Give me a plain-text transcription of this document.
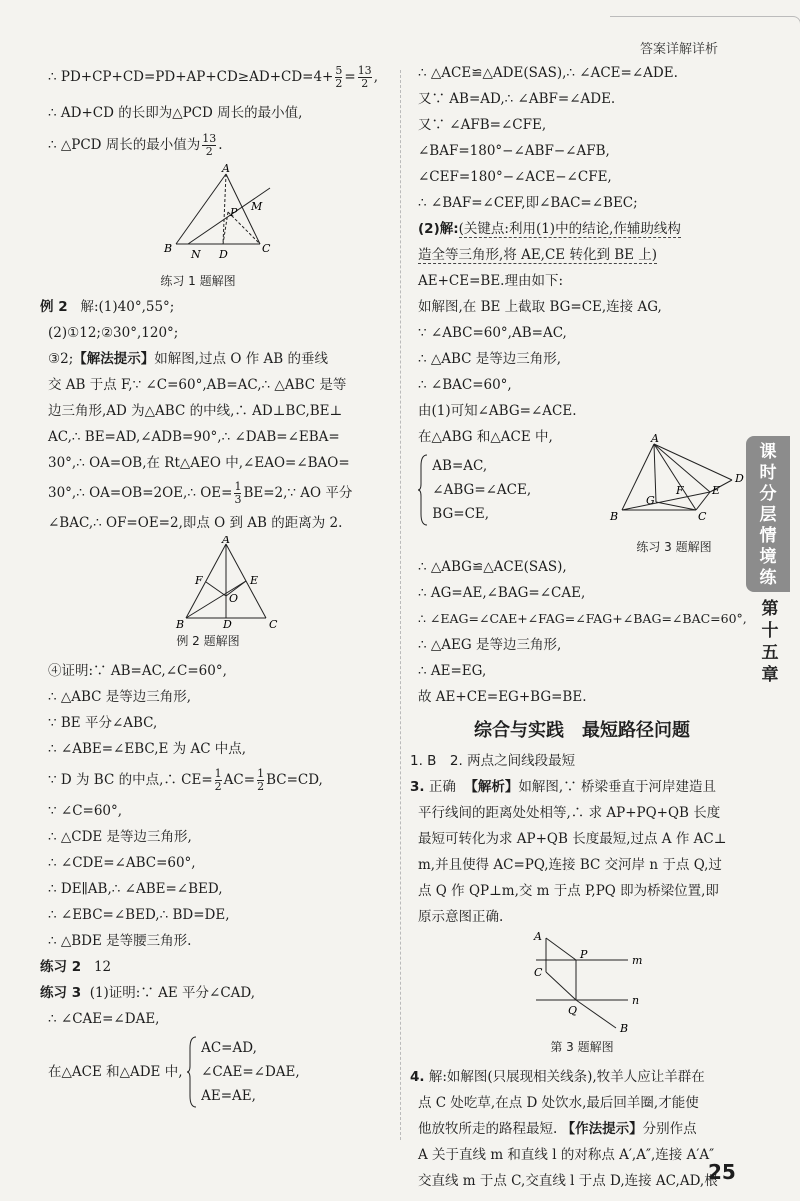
答案详解详析
课
时
分
层
情
境
练
第
十
五
章
∴ $PD+CP+CD=PD+AP+CD\ge AD+CD=4+ \frac{5}{2} = \frac{13}{2}$ ,
∴ AD+CD 的长即为△PCD 周长的最小值,
∴ △PCD 周长的最小值为 $\frac{13}{2}$ .
A
P M
B N D	C
练习 1 题解图
例 2 解:(1)40°,55°;
(2)①12;②30°,120°;
③2;【解法提示】如解图,过点 O 作 AB 的垂线
交 AB 于点 F,∵ ∠C=60°,AB=AC,∴ △ABC 是等
边三角形,AD 为△ABC 的中线,∴ AD⊥BC,BE⊥
AC,∴ BE=AD,∠ADB=90°,∴ ∠DAB=∠EBA=
30°,∴ OA=OB,在 Rt△AEO 中,∠EAO=∠BAO=
30°,∴ OA=OB=2OE,∴ $OE= \frac{1}{3}$ BE=2,∵ AO 平分
∠BAC,∴ OF=OE=2,即点 O 到 AB 的距离为 2.
A
F	E
O
B	D	C
例 2 题解图
④证明:∵ AB=AC,∠C=60°,
∴ △ABC 是等边三角形,
∵ BE 平分∠ABC,
∴ ∠ABE=∠EBC,E 为 AC 中点,
∵ D 为 BC 的中点,∴ $CE= \frac{1}{2} AC= \frac{1}{2} BC=CD$,
∵ ∠C=60°,
∴ △CDE 是等边三角形,
∴ ∠CDE=∠ABC=60°,
∴ DE∥AB,∴ ∠ABE=∠BED,
∴ ∠EBC=∠BED,∴ BD=DE,
∴ △BDE 是等腰三角形.
练习 2 12
练习 3 (1)证明:∵ AE 平分∠CAD,
∴ ∠CAE=∠DAE,
在△ACE 和△ADE 中,
AC=AD,
∠CAE=∠DAE,
AE=AE,
∴ △ACE≌△ADE(SAS),∴ ∠ACE=∠ADE.
又∵ AB=AD,∴ ∠ABF=∠ADE.
又∵ ∠AFB=∠CFE,
∠BAF=180°−∠ABF−∠AFB,
∠CEF=180°−∠ACE−∠CFE,
∴ ∠BAF=∠CEF,即∠BAC=∠BEC;
(2)解:(关键点:利用(1)中的结论,作辅助线构
造全等三角形,将 AE,CE 转化到 BE 上)
AE+CE=BE.理由如下:
如解图,在 BE 上截取 BG=CE,连接 AG,
∵ ∠ABC=60°,AB=AC,
∴ △ABC 是等边三角形,
∴ ∠BAC=60°,
由(1)可知∠ABG=∠ACE.
在△ABG 和△ACE 中,

AB=AC,
∠ABG=∠ACE,
BG=CE,
A
D
E
F
G
B	C
练习 3 题解图
∴ △ABG≌△ACE(SAS),
∴ AG=AE,∠BAG=∠CAE,
∴ ∠EAG=∠CAE+∠FAG=∠FAG+∠BAG=∠BAC=60°,
∴ △AEG 是等边三角形,
∴ AE=EG,
故 AE+CE=EG+BG=BE.
综合与实践　最短路径问题
1. B　2. 两点之间线段最短
3. 正确 【解析】如解图,∵ 桥梁垂直于河岸建造且
平行线间的距离处处相等,∴ 求 AP+PQ+QB 长度
最短可转化为求 AP+QB 长度最短,过点 A 作 AC⊥
m,并且使得 AC=PQ,连接 BC 交河岸 n 于点 Q,过
点 Q 作 QP⊥m,交 m 于点 P,PQ 即为桥梁位置,即
原示意图正确.
A
m
P
C
n
Q
B
第 3 题解图
4. 解:如解图(只展现相关线条),牧羊人应让羊群在
点 C 处吃草,在点 D 处饮水,最后回羊圈,才能使
他放牧所走的路程最短. 【作法提示】分别作点
A 关于直线 m 和直线 l 的对称点 A′,A″,连接 A′A″
交直线 m 于点 C,交直线 l 于点 D,连接 AC,AD,根
25
